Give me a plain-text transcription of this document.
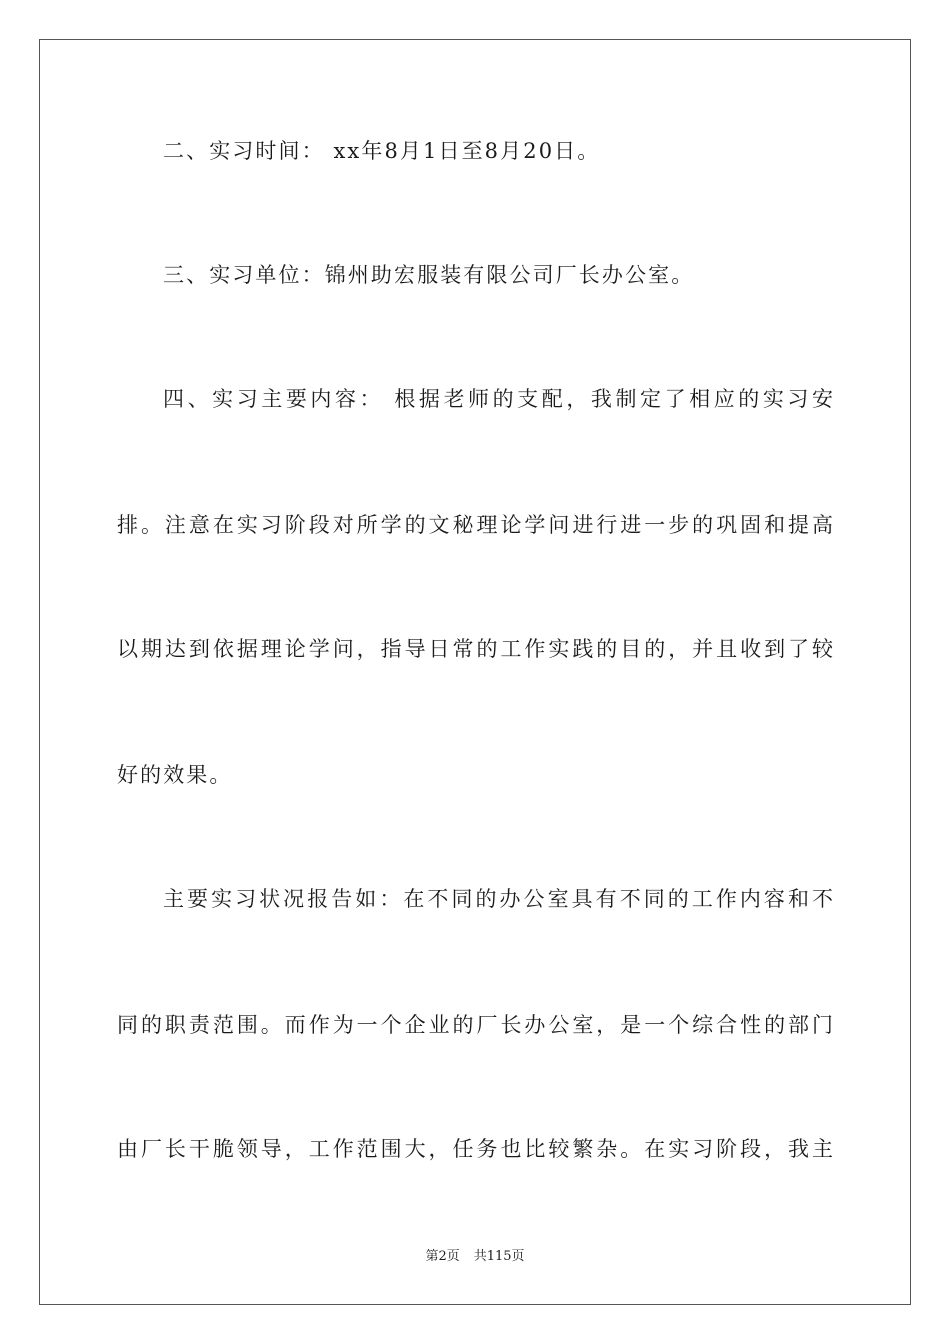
二、实习时间： xx年8月1日至8月20日。
三、实习单位：锦州助宏服装有限公司厂长办公室。
四、实习主要内容： 根据老师的支配，我制定了相应的实习安
排。注意在实习阶段对所学的文秘理论学问进行进一步的巩固和提高
以期达到依据理论学问，指导日常的工作实践的目的，并且收到了较
好的效果。
主要实习状况报告如：在不同的办公室具有不同的工作内容和不
同的职责范围。而作为一个企业的厂长办公室，是一个综合性的部门
由厂长干脆领导，工作范围大，任务也比较繁杂。在实习阶段，我主
第2页 共115页
